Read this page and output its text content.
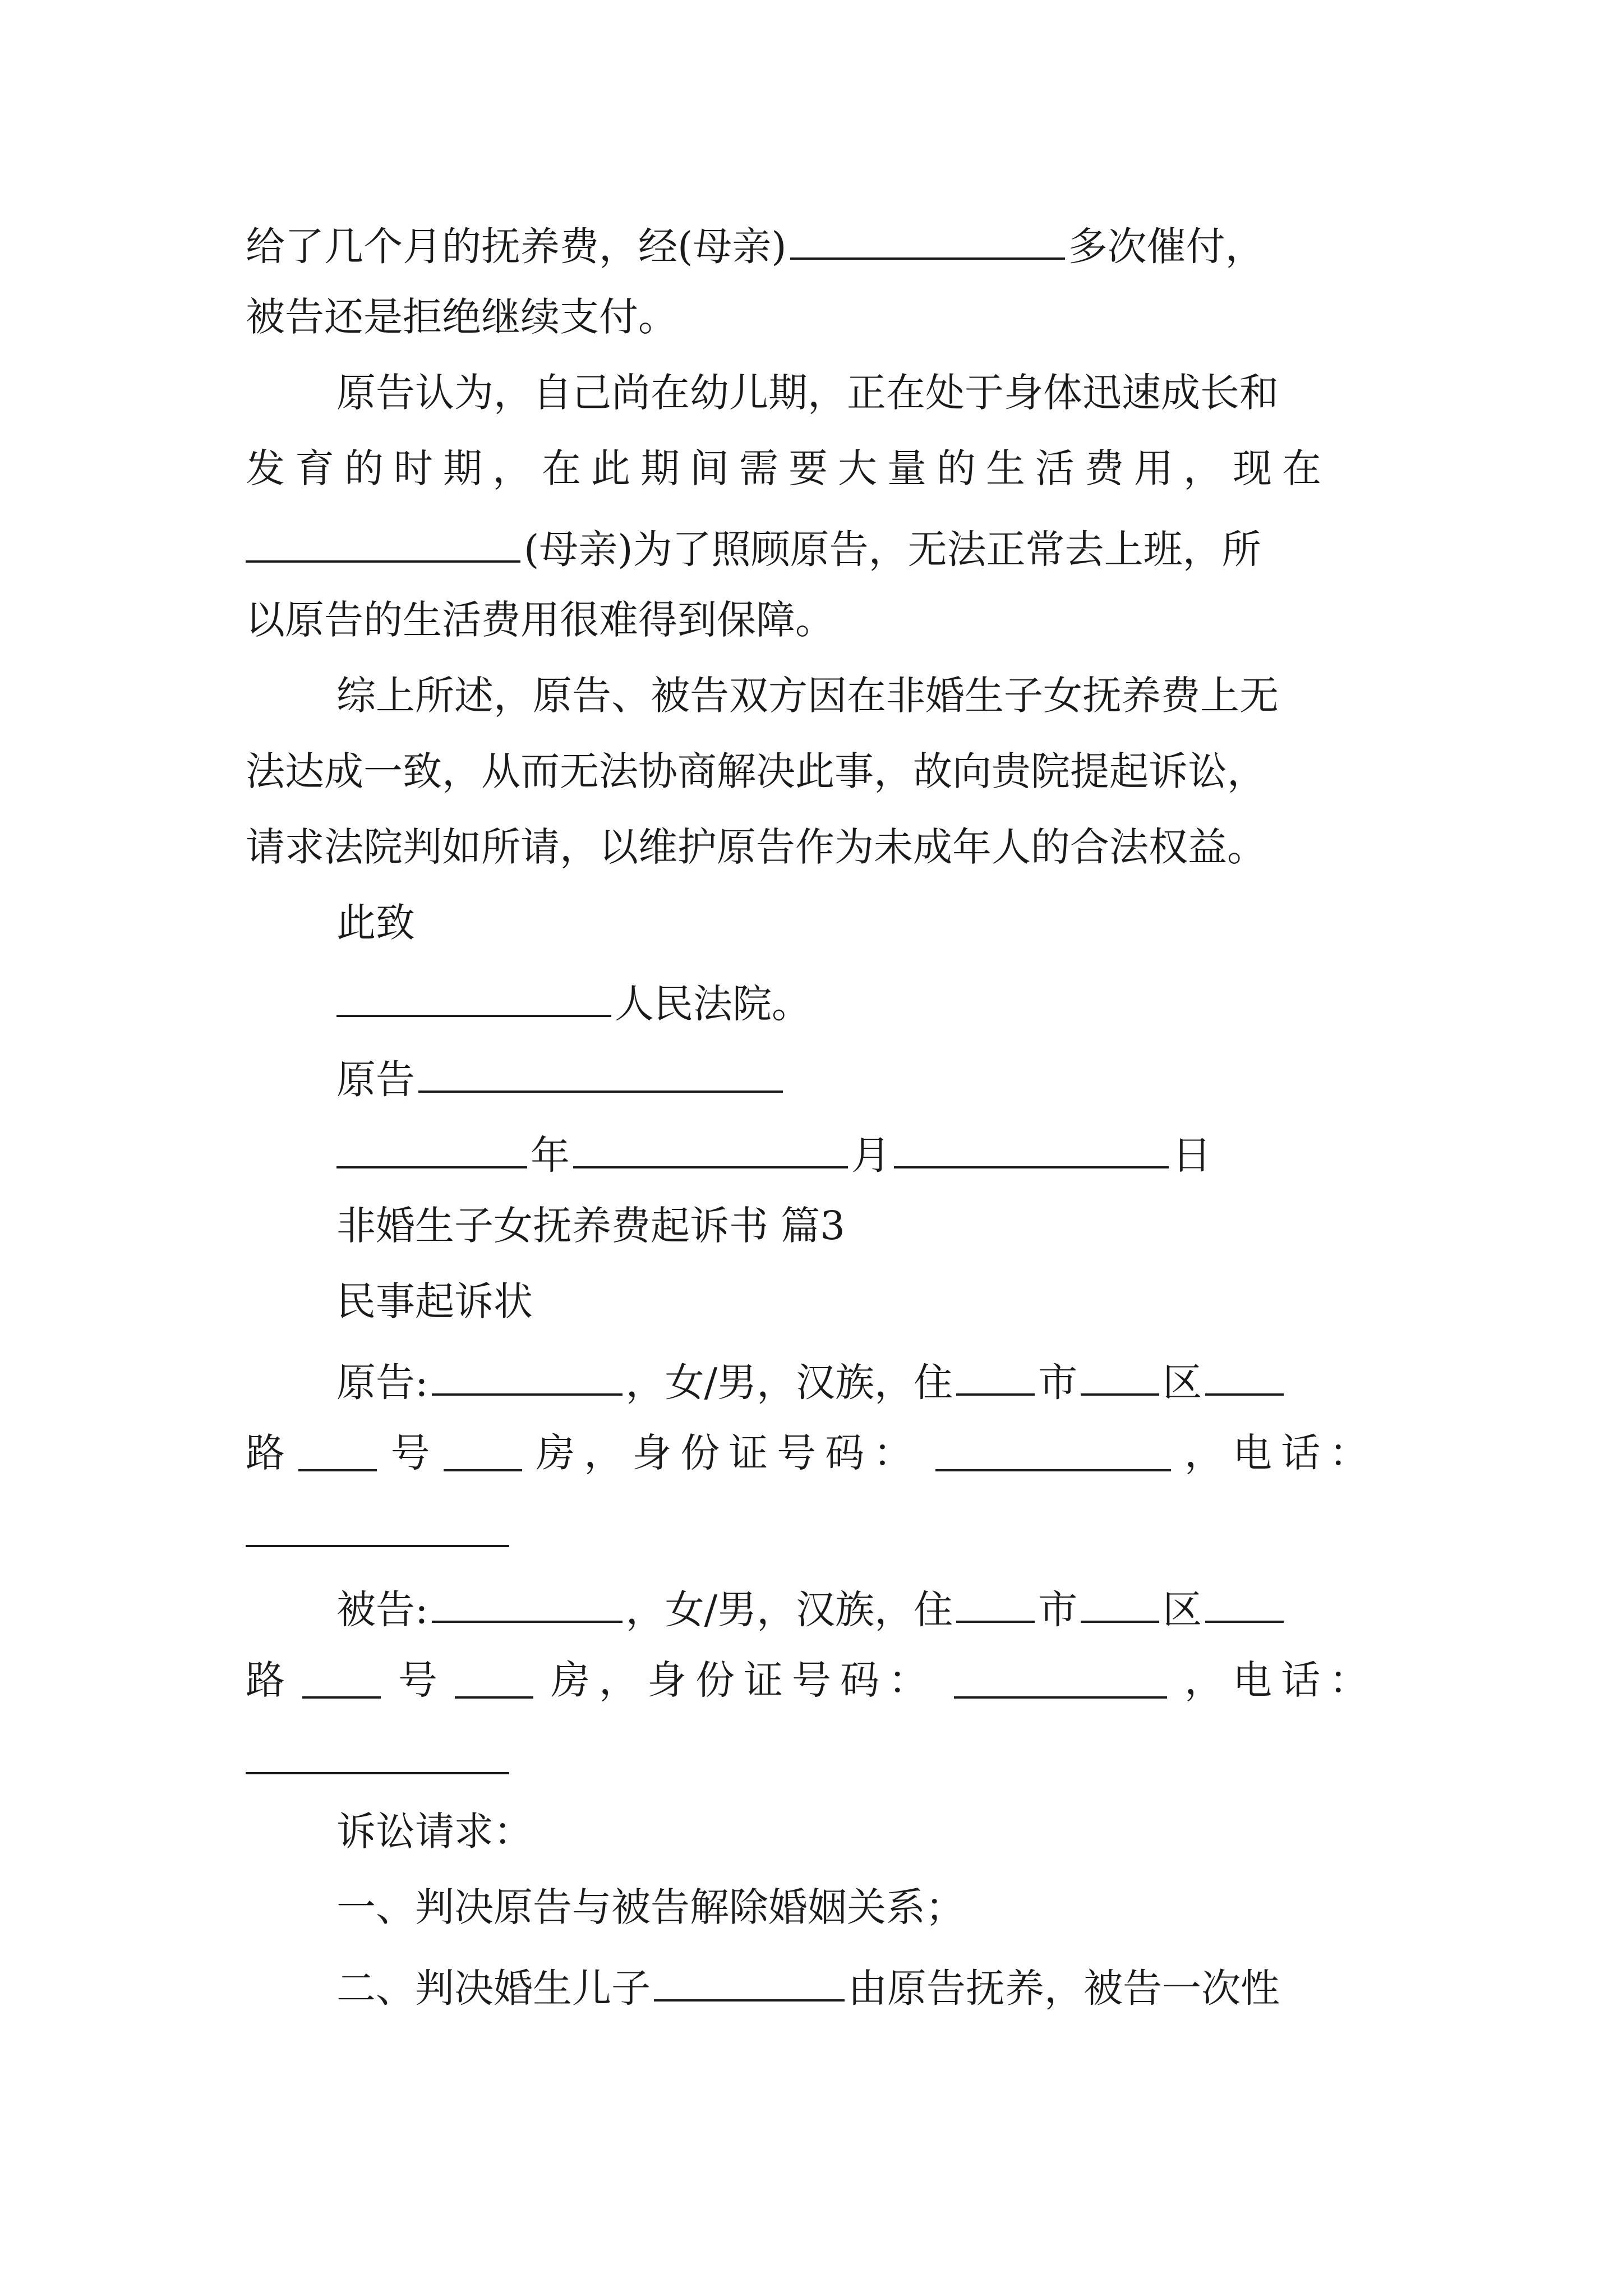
给了几个月的抚养费，经(母亲)	多次催付，
被告还是拒绝继续支付。
原告认为，自己尚在幼儿期，正在处于身体迅速成长和
发育的时期，在此期间需要大量的生活费用，现在
(母亲)为了照顾原告，无法正常去上班，所
以原告的生活费用很难得到保障。
综上所述，原告、被告双方因在非婚生子女抚养费上无
法达成一致，从而无法协商解决此事，故向贵院提起诉讼，
请求法院判如所请，以维护原告作为未成年人的合法权益。
此致
人民法院。
原告
年	月	日
非婚生子女抚养费起诉书 篇3
民事起诉状
原告:	，女/男，汉族，住 市 区
路	号	房，身份证号码：	，电话：
被告:	，女/男，汉族，住 市 区
路	号	房，身份证号码：	，电话：
诉讼请求：
一、判决原告与被告解除婚姻关系；
二、判决婚生儿子	由原告抚养，被告一次性
